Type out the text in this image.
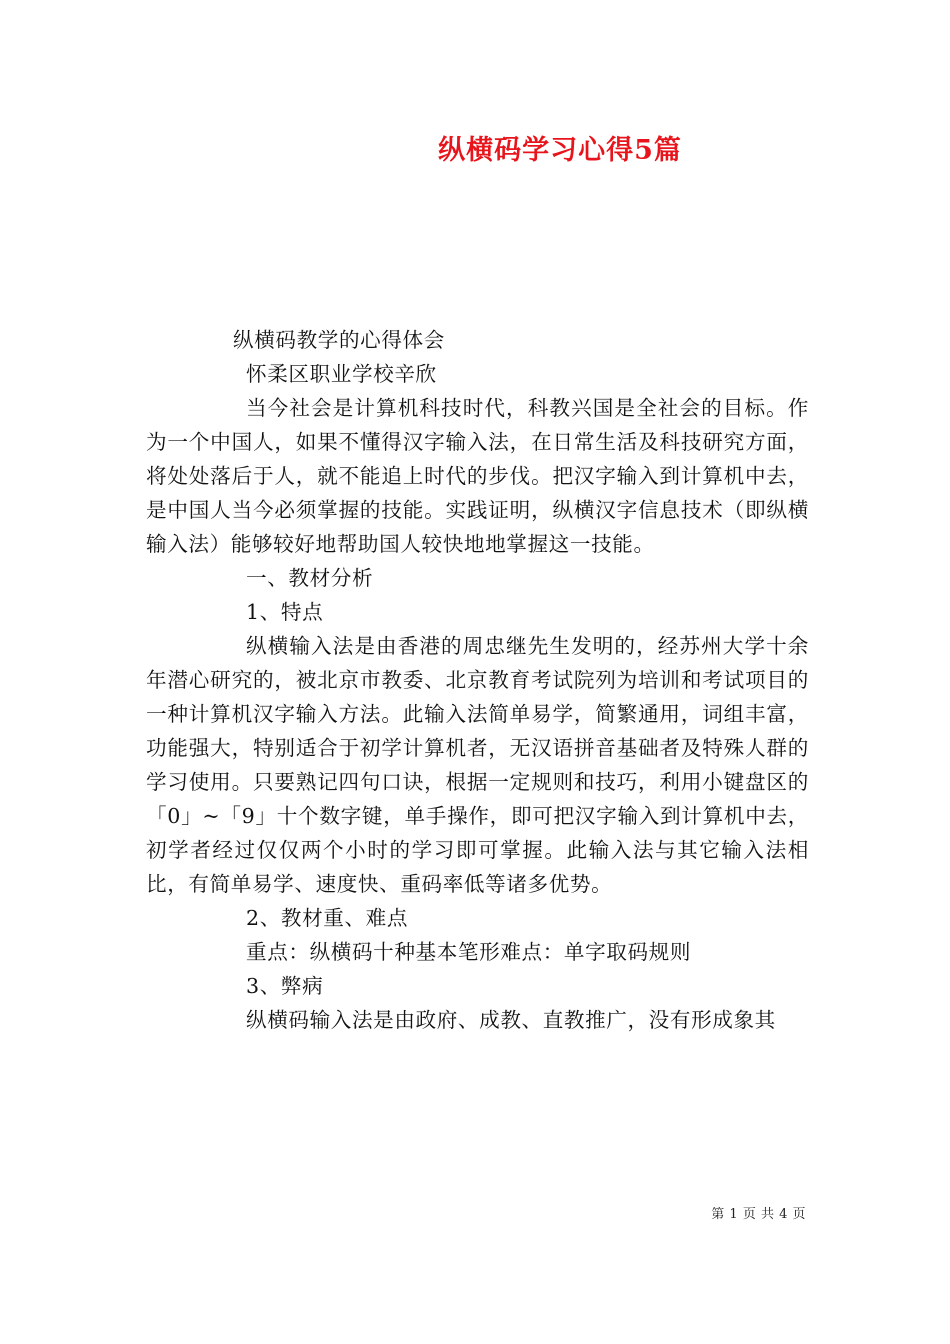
纵横码学习心得5篇

纵横码教学的心得体会

怀柔区职业学校辛欣

当今社会是计算机科技时代，科教兴国是全社会的目标。作为一个中国人，如果不懂得汉字输入法，在日常生活及科技研究方面，将处处落后于人，就不能追上时代的步伐。把汉字输入到计算机中去，是中国人当今必须掌握的技能。实践证明，纵横汉字信息技术（即纵横输入法）能够较好地帮助国人较快地地掌握这一技能。

一、教材分析

1、特点

纵横输入法是由香港的周忠继先生发明的，经苏州大学十余年潜心研究的，被北京市教委、北京教育考试院列为培训和考试项目的一种计算机汉字输入方法。此输入法简单易学，简繁通用，词组丰富，功能强大，特别适合于初学计算机者，无汉语拼音基础者及特殊人群的学习使用。只要熟记四句口诀，根据一定规则和技巧，利用小键盘区的「0」~「9」十个数字键，单手操作，即可把汉字输入到计算机中去，初学者经过仅仅两个小时的学习即可掌握。此输入法与其它输入法相比，有简单易学、速度快、重码率低等诸多优势。

2、教材重、难点

重点：纵横码十种基本笔形难点：单字取码规则

3、弊病

纵横码输入法是由政府、成教、直教推广，没有形成象其

第 1 页 共 4 页
